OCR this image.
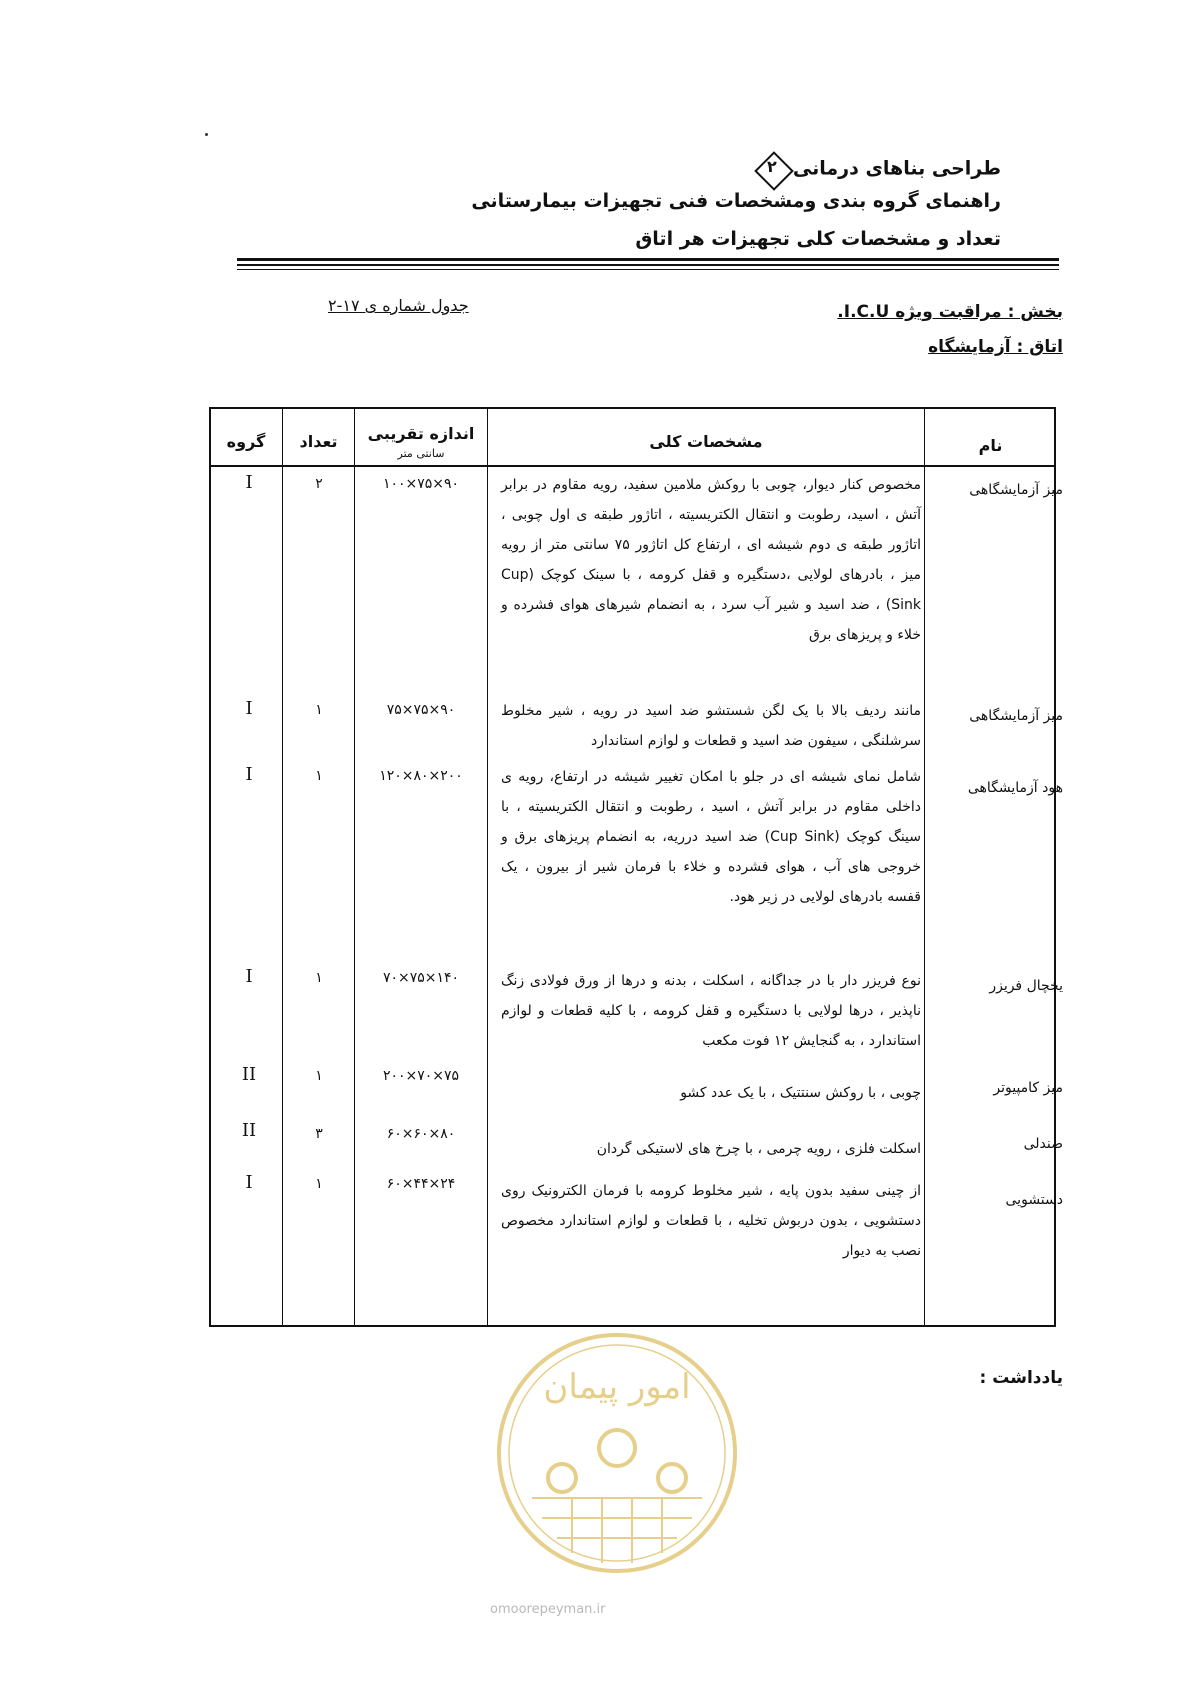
طراحی بناهای درمانی
۲
راهنمای گروه بندی ومشخصات فنی تجهیزات بیمارستانی
تعداد و مشخصات کلی تجهیزات هر اتاق
بخش : مراقبت ویژه I.C.U.
اتاق : آزمایشگاه
جدول شماره ی ۱۷-۲
نام
مشخصات کلی
اندازه تقریبی
سانتی متر
تعداد
گروه
میز آزمایشگاهی
مخصوص کنار دیوار، چوبی با روکش ملامین سفید، رویه مقاوم در برابر آتش ، اسید، رطوبت و انتقال الکتریسیته ، اتاژور طبقه ی اول چوبی ، اتاژور طبقه ی دوم شیشه ای ، ارتفاع کل اتاژور ۷۵ سانتی متر از رویه میز ، بادرهای لولایی ،دستگیره و قفل کرومه ، با سینک کوچک (Cup Sink) ، ضد اسید و شیر آب سرد ، به انضمام شیرهای هوای فشرده و خلاء و پریزهای برق
۱۰۰×۷۵×۹۰
۲
I
میز آزمایشگاهی
مانند ردیف بالا با یک لگن شستشو ضد اسید در رویه ، شیر مخلوط سرشلنگی ، سیفون ضد اسید و قطعات و لوازم استاندارد
۷۵×۷۵×۹۰
۱
I
هود آزمایشگاهی
شامل نمای شیشه ای در جلو با امکان تغییر شیشه در ارتفاع، رویه ی داخلی مقاوم در برابر آتش ، اسید ، رطوبت و انتقال الکتریسیته ، با سینگ کوچک (Cup Sink) ضد اسید درریه، به انضمام پریزهای برق و خروجی های آب ، هوای فشرده و خلاء با فرمان شیر از بیرون ، یک قفسه بادرهای لولایی در زیر هود.
۱۲۰×۸۰×۲۰۰
۱
I
یخچال فریزر
نوع فریزر دار با در جداگانه ، اسکلت ، بدنه و درها از ورق فولادی زنگ ناپذیر ، درها لولایی با دستگیره و قفل کرومه ، با کلیه قطعات و لوازم استاندارد ، به گنجایش ۱۲ فوت مکعب
۷۰×۷۵×۱۴۰
۱
I
میز کامپیوتر
چوبی ، با روکش سنتتیک ، با یک عدد کشو
۲۰۰×۷۰×۷۵
۱
II
صندلی
اسکلت فلزی ، رویه چرمی ، با چرخ های لاستیکی گردان
۶۰×۶۰×۸۰
۳
II
دستشویی
از چینی سفید بدون پایه ، شیر مخلوط کرومه با فرمان الکترونیک روی دستشویی ، بدون دربوش تخلیه ، با قطعات و لوازم استاندارد مخصوص نصب به دیوار
۶۰×۴۴×۲۴
۱
I
یادداشت :
امور پیمان
omoorepeyman.ir
